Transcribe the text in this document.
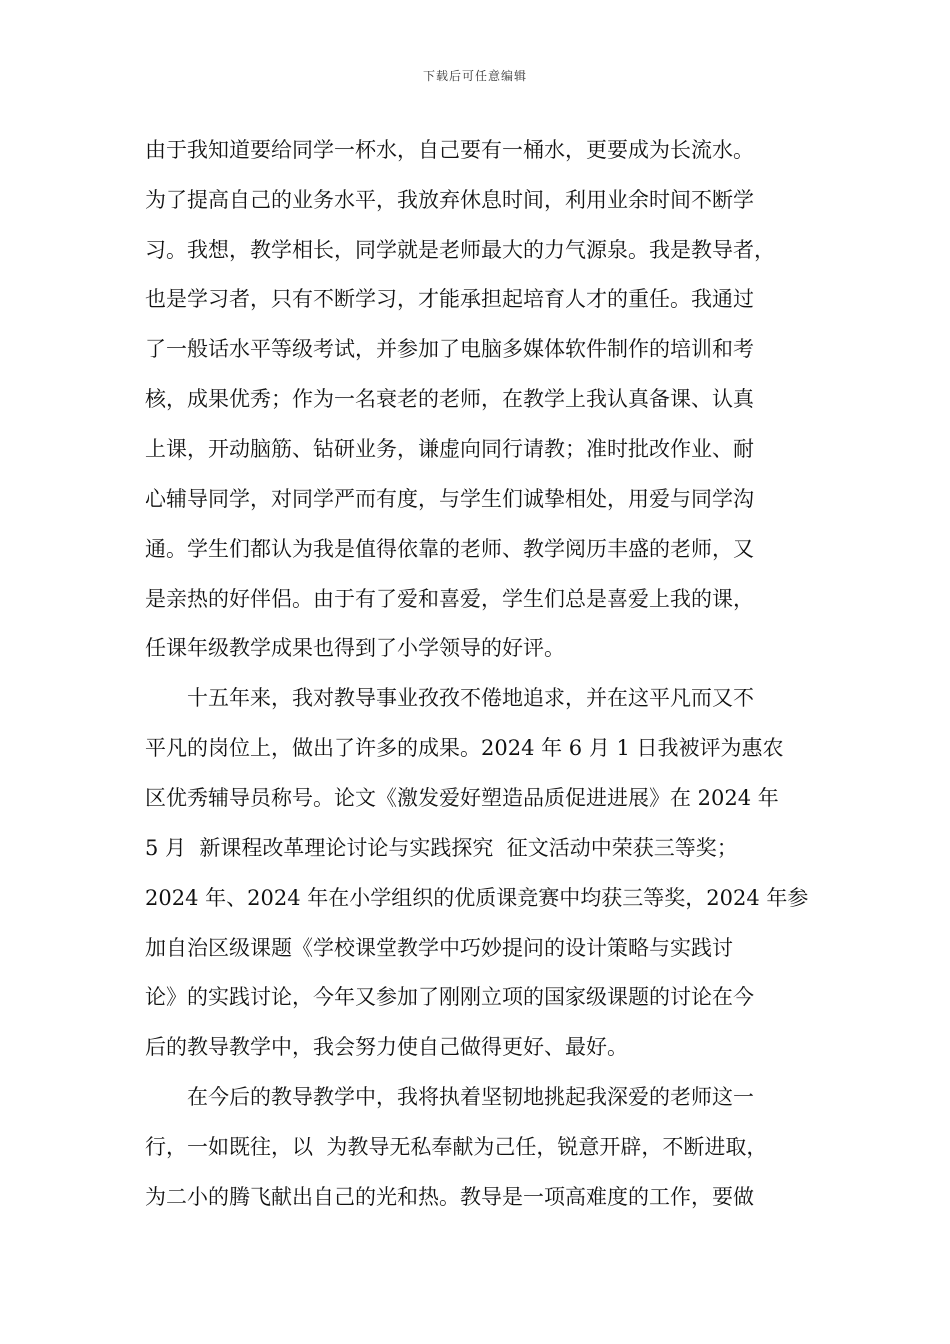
下载后可任意编辑
由于我知道要给同学一杯水，自己要有一桶水，更要成为长流水。
为了提高自己的业务水平，我放弃休息时间，利用业余时间不断学
习。我想，教学相长，同学就是老师最大的力气源泉。我是教导者，
也是学习者，只有不断学习，才能承担起培育人才的重任。我通过
了一般话水平等级考试，并参加了电脑多媒体软件制作的培训和考
核，成果优秀；作为一名衰老的老师，在教学上我认真备课、认真
上课，开动脑筋、钻研业务，谦虚向同行请教；准时批改作业、耐
心辅导同学，对同学严而有度，与学生们诚挚相处，用爱与同学沟
通。学生们都认为我是值得依靠的老师、教学阅历丰盛的老师，又
是亲热的好伴侣。由于有了爱和喜爱，学生们总是喜爱上我的课，
任课年级教学成果也得到了小学领导的好评。
十五年来，我对教导事业孜孜不倦地追求，并在这平凡而又不
平凡的岗位上，做出了许多的成果。2024 年 6 月 1 日我被评为惠农
区优秀辅导员称号。论文《激发爱好塑造品质促进进展》在 2024 年
5 月  新课程改革理论讨论与实践探究  征文活动中荣获三等奖；
2024 年、2024 年在小学组织的优质课竞赛中均获三等奖，2024 年参
加自治区级课题《学校课堂教学中巧妙提问的设计策略与实践讨
论》的实践讨论，今年又参加了刚刚立项的国家级课题的讨论在今
后的教导教学中，我会努力使自己做得更好、最好。
在今后的教导教学中，我将执着坚韧地挑起我深爱的老师这一
行，一如既往，以  为教导无私奉献为己任，锐意开辟，不断进取，
为二小的腾飞献出自己的光和热。教导是一项高难度的工作，要做
